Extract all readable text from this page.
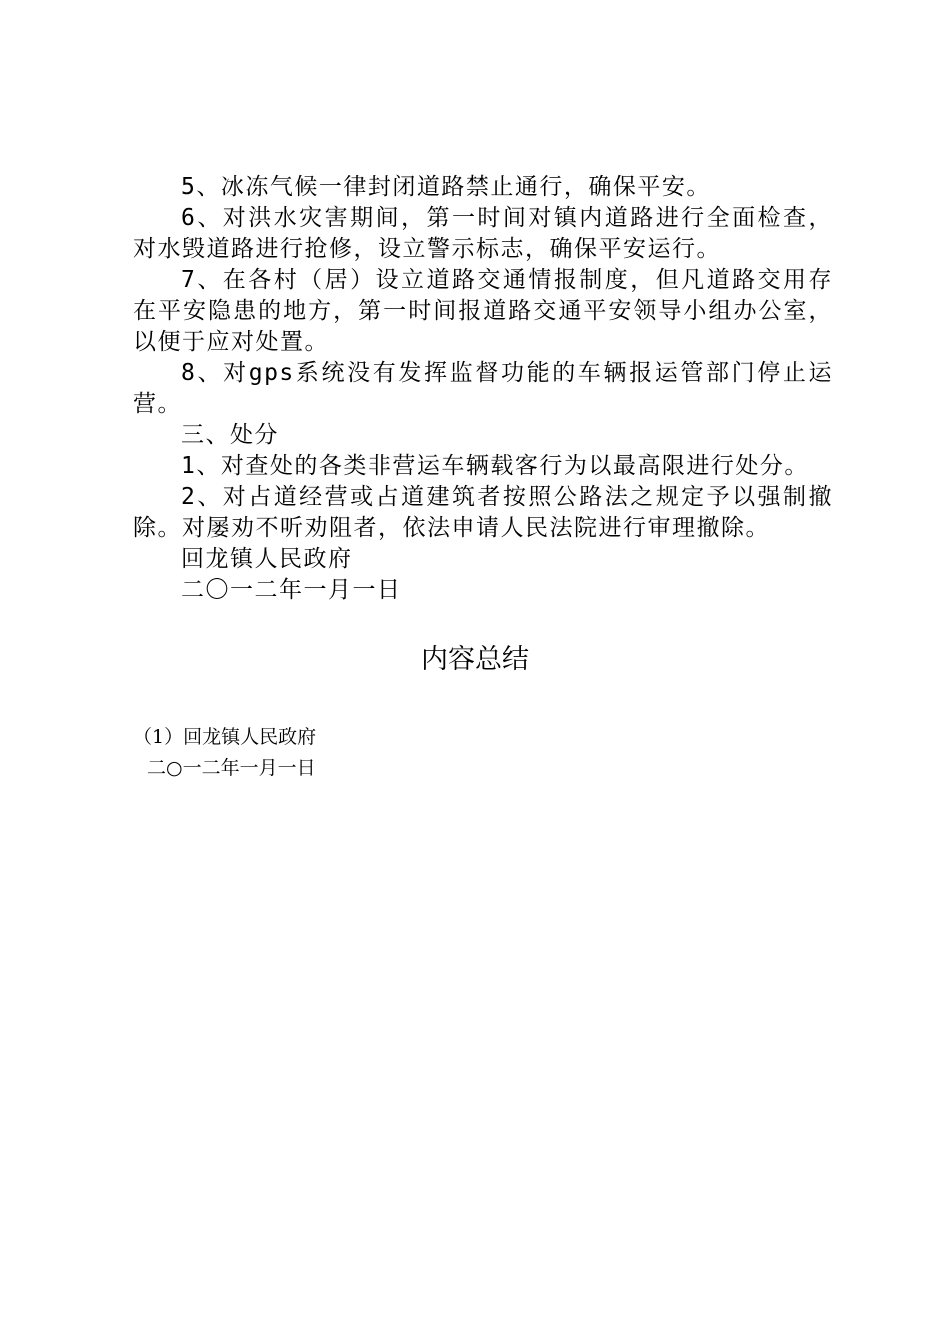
5、冰冻气候一律封闭道路禁止通行，确保平安。

6、对洪水灾害期间，第一时间对镇内道路进行全面检查，对水毁道路进行抢修，设立警示标志，确保平安运行。

7、在各村（居）设立道路交通情报制度，但凡道路交用存在平安隐患的地方，第一时间报道路交通平安领导小组办公室，以便于应对处置。

8、对gps系统没有发挥监督功能的车辆报运管部门停止运营。

三、处分

1、对查处的各类非营运车辆载客行为以最高限进行处分。

2、对占道经营或占道建筑者按照公路法之规定予以强制撤除。对屡劝不听劝阻者，依法申请人民法院进行审理撤除。

回龙镇人民政府

二〇一二年一月一日

内容总结
（1）回龙镇人民政府
二○一二年一月一日
